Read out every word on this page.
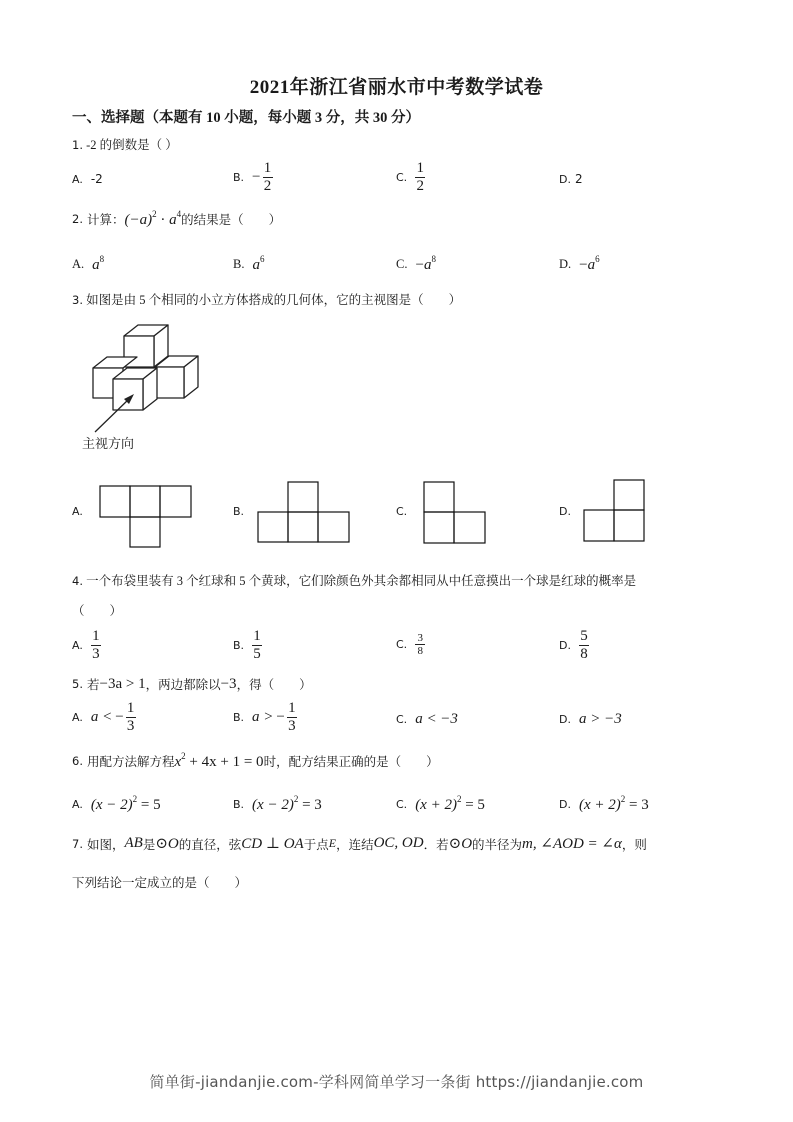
2021年浙江省丽水市中考数学试卷
一、选择题（本题有 10 小题，每小题 3 分，共 30 分）
1. -2 的倒数是（ ）
A. -2	B. − $\frac{1}{2}$	C. $\frac{1}{2}$	D. 2
2. 计算： $(-a)^2 \cdot a^4$ 的结果是（　　）
A. $a^8$	B. $a^6$	C. $-a^8$	D. $-a^6$
3. 如图是由 5 个相同的小立方体搭成的几何体，它的主视图是（　　）
主视方向
A.	B.	C.	D.
4. 一个布袋里装有 3 个红球和 5 个黄球，它们除颜色外其余都相同从中任意摸出一个球是红球的概率是
（　　）
A. $\frac{1}{3}$	B. $\frac{1}{5}$	C. $\frac{3}{8}$	D. $\frac{5}{8}$
5. 若 −3a > 1 ，两边都除以 −3 ，得（　　）
A. a < − $\frac{1}{3}$	B. a > − $\frac{1}{3}$	C. a < −3	D. a > −3
6. 用配方法解方程 $x^2 + 4x + 1 = 0$ 时，配方结果正确的是（　　）
A. $(x - 2)^2 = 5$	B. $(x - 2)^2 = 3$	C. $(x + 2)^2 = 5$	D. $(x + 2)^2 = 3$
7. 如图， AB 是 ⊙O 的直径，弦 CD ⊥ OA 于点 E ，连结 OC, OD ．若 ⊙O 的半径为 m, ∠AOD = ∠α ，则
下列结论一定成立的是（　　）
简单街-jiandanjie.com-学科网简单学习一条街 https://jiandanjie.com
